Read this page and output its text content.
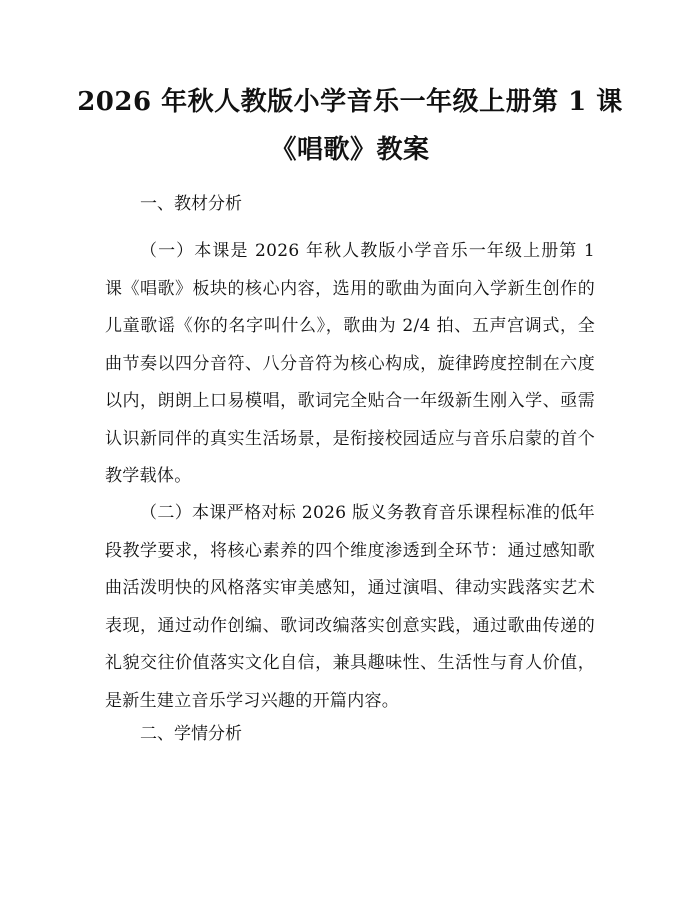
2026 年秋人教版小学音乐一年级上册第 1 课
《唱歌》教案
一、教材分析

（一）本课是 2026 年秋人教版小学音乐一年级上册第 1 课《唱歌》板块的核心内容，选用的歌曲为面向入学新生创作的儿童歌谣《你的名字叫什么》，歌曲为 2/4 拍、五声宫调式，全曲节奏以四分音符、八分音符为核心构成，旋律跨度控制在六度以内，朗朗上口易模唱，歌词完全贴合一年级新生刚入学、亟需认识新同伴的真实生活场景，是衔接校园适应与音乐启蒙的首个教学载体。

（二）本课严格对标 2026 版义务教育音乐课程标准的低年段教学要求，将核心素养的四个维度渗透到全环节：通过感知歌曲活泼明快的风格落实审美感知，通过演唱、律动实践落实艺术表现，通过动作创编、歌词改编落实创意实践，通过歌曲传递的礼貌交往价值落实文化自信，兼具趣味性、生活性与育人价值，是新生建立音乐学习兴趣的开篇内容。

二、学情分析
